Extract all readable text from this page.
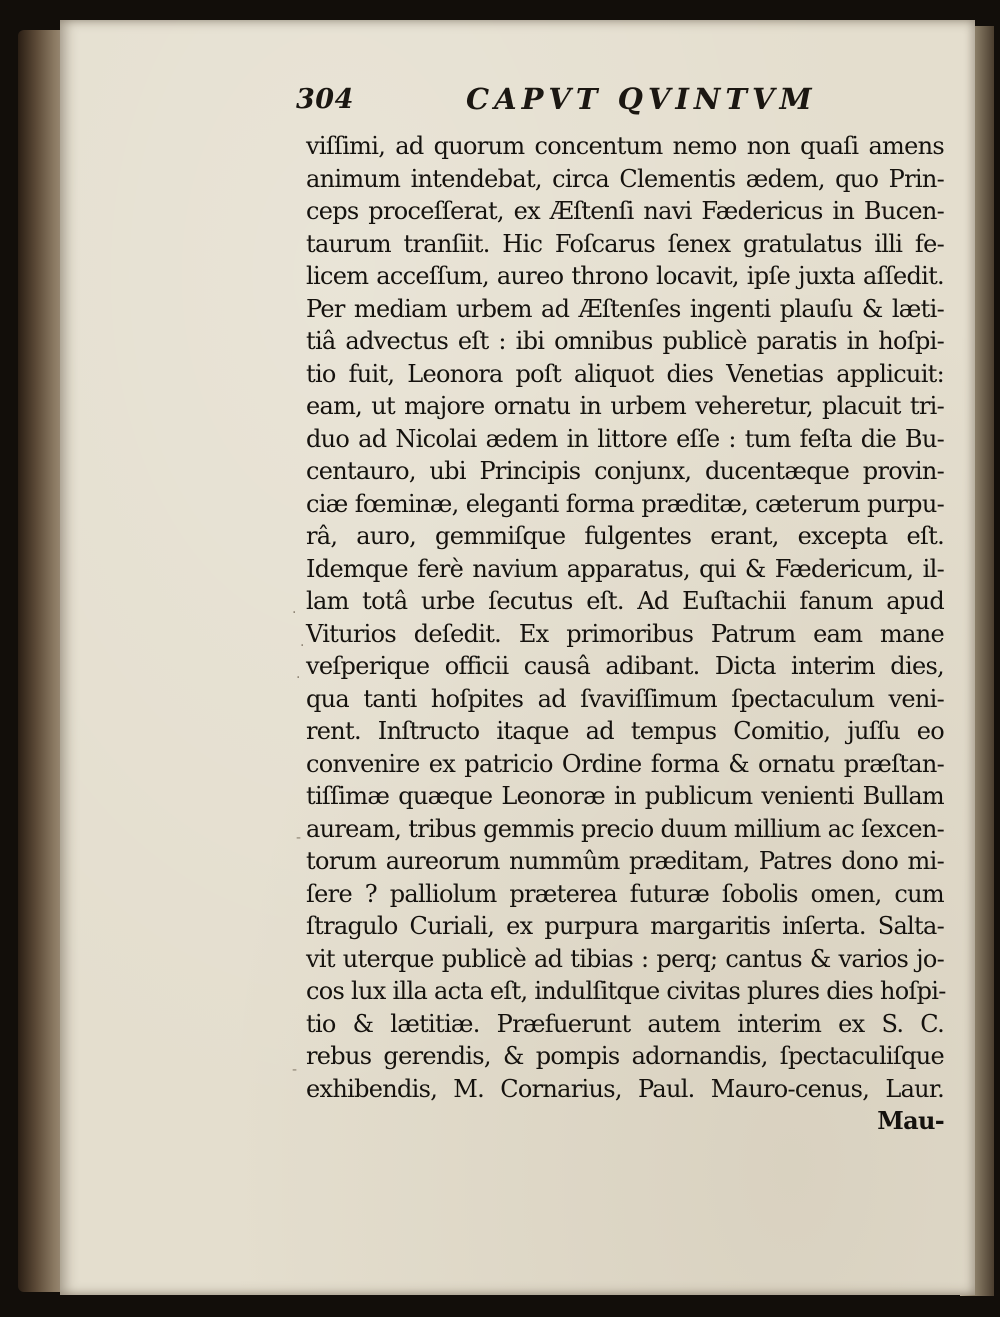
304	CAPVT QVINTVM
viſſimi, ad quorum concentum nemo non quaſi amens
animum intendebat, circa Clementis ædem, quo Prin-
ceps proceſſerat, ex Æſtenſi navi Fædericus in Bucen-
taurum tranſiit. Hic Foſcarus ſenex gratulatus illi fe-
licem acceſſum, aureo throno locavit, ipſe juxta aſſedit.
Per mediam urbem ad Æſtenſes ingenti plauſu & læti-
tiâ advectus eſt : ibi omnibus publicè paratis in hoſpi-
tio fuit, Leonora poſt aliquot dies Venetias applicuit:
eam, ut majore ornatu in urbem veheretur, placuit tri-
duo ad Nicolai ædem in littore eſſe : tum feſta die Bu-
centauro, ubi Principis conjunx, ducentæque provin-
ciæ fœminæ, eleganti forma præditæ, cæterum purpu-
râ, auro, gemmiſque fulgentes erant, excepta eſt.
Idemque ferè navium apparatus, qui & Fædericum, il-
lam totâ urbe ſecutus eſt. Ad Euſtachii fanum apud
Viturios deſedit. Ex primoribus Patrum eam mane
veſperique officii causâ adibant. Dicta interim dies,
qua tanti hoſpites ad ſvaviſſimum ſpectaculum veni-
rent. Inſtructo itaque ad tempus Comitio, juſſu eo
convenire ex patricio Ordine forma & ornatu præſtan-
tiſſimæ quæque Leonoræ in publicum venienti Bullam
auream, tribus gemmis precio duum millium ac ſexcen-
torum aureorum nummûm præditam, Patres dono mi-
ſere ? palliolum præterea futuræ ſobolis omen, cum
ſtragulo Curiali, ex purpura margaritis inſerta. Salta-
vit uterque publicè ad tibias : perq; cantus & varios jo-
cos lux illa acta eſt, indulſitque civitas plures dies hoſpi-
tio & lætitiæ. Præfuerunt autem interim ex S. C.
rebus gerendis, & pompis adornandis, ſpectaculiſque
exhibendis, M. Cornarius, Paul. Mauro-cenus, Laur.
Mau-
·
·
·
-
-
